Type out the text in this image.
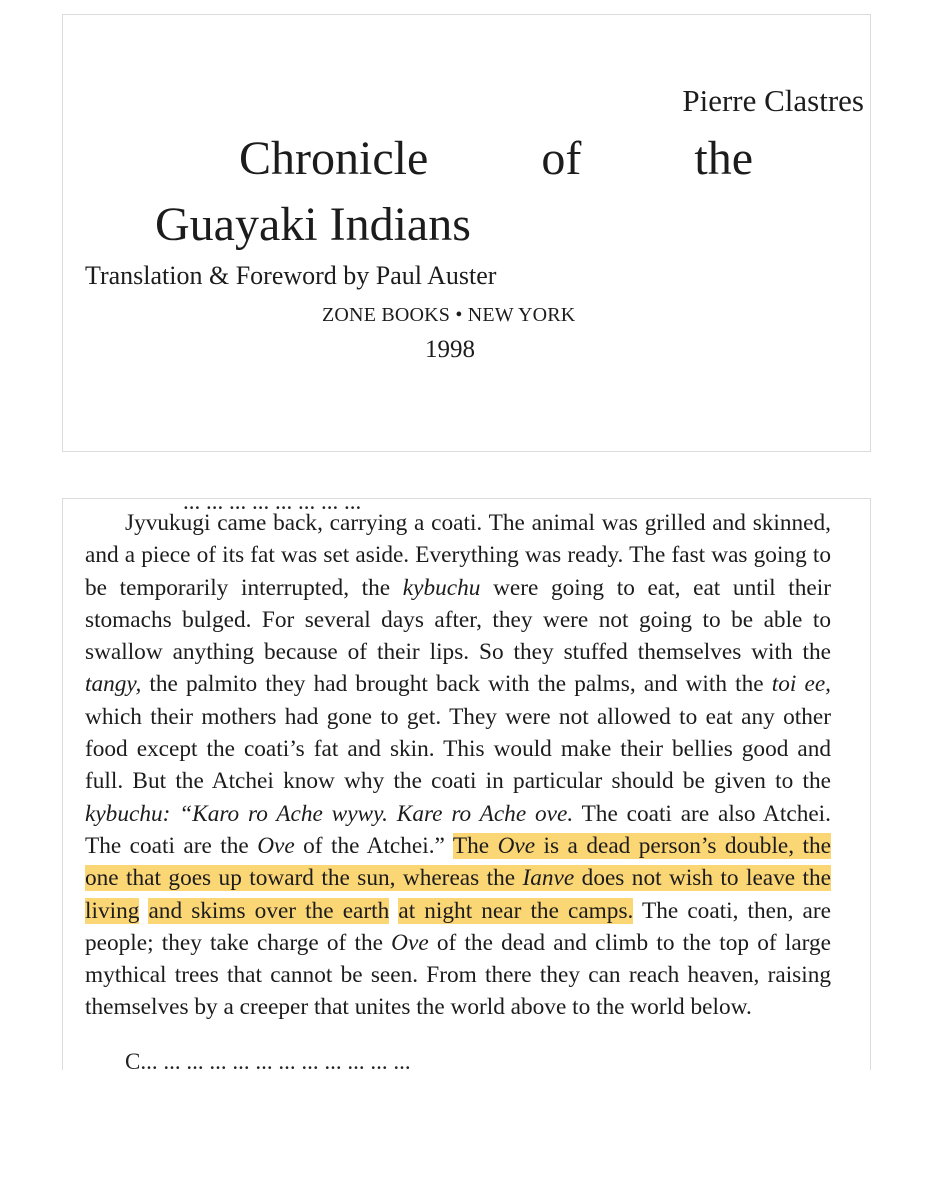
Pierre Clastres
Chronicle of the
Guayaki Indians
Translation & Foreword by Paul Auster
ZONE BOOKS • NEW YORK
1998
... ... ... ... ... ... ... ...

Jyvukugi came back, carrying a coati. The animal was grilled and skinned, and a piece of its fat was set aside. Everything was ready. The fast was going to be temporarily interrupted, the kybuchu were going to eat, eat until their stomachs bulged. For several days after, they were not going to be able to swallow anything because of their lips. So they stuffed themselves with the tangy, the palmito they had brought back with the palms, and with the toi ee, which their mothers had gone to get. They were not allowed to eat any other food except the coati’s fat and skin. This would make their bellies good and full. But the Atchei know why the coati in particular should be given to the kybuchu: “Karo ro Ache wywy. Kare ro Ache ove. The coati are also Atchei. The coati are the Ove of the Atchei.” The Ove is a dead person’s double, the one that goes up toward the sun, whereas the Ianve does not wish to leave the living and skims over the earth at night near the camps. The coati, then, are people; they take charge of the Ove of the dead and climb to the top of large mythical trees that cannot be seen. From there they can reach heaven, raising themselves by a creeper that unites the world above to the world below.

C... ... ... ... ... ... ... ... ... ... ... ...
